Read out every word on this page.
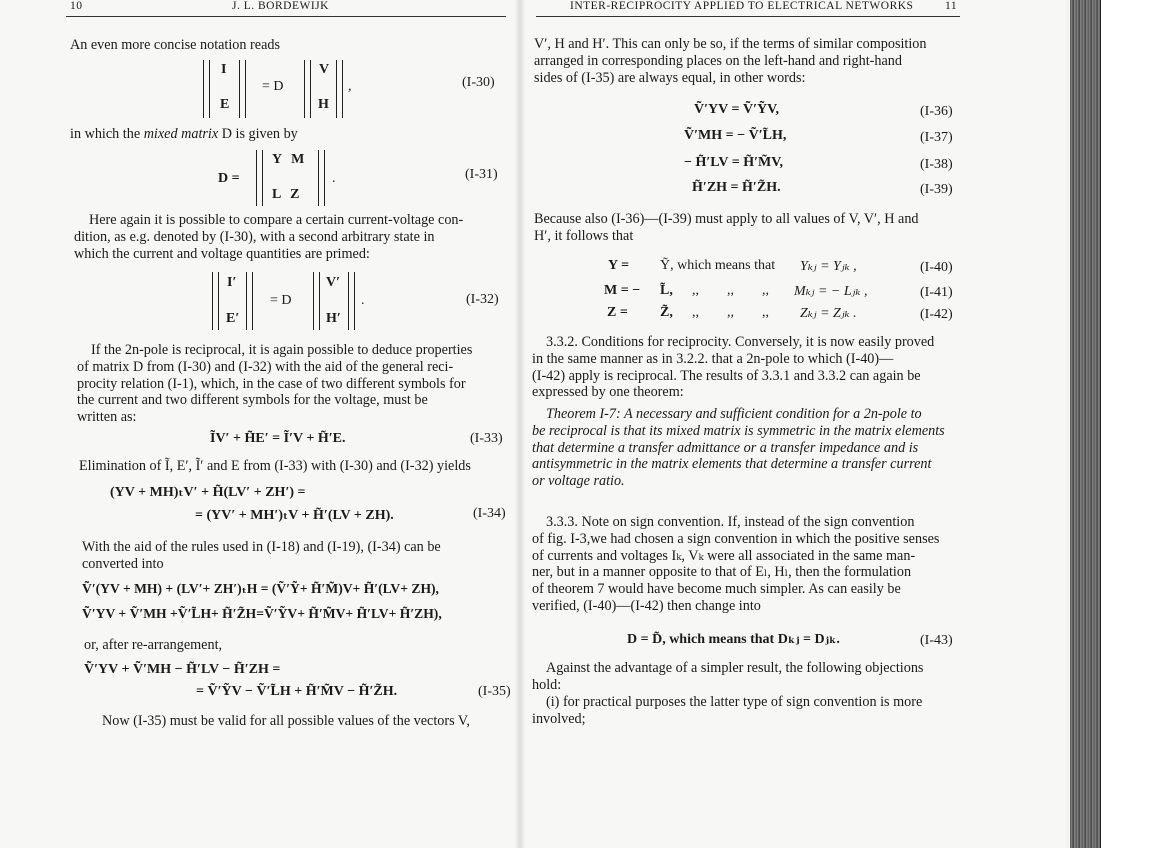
10	J. L. BORDEWIJK
An even more concise notation reads
I
E
= D
V
H
,	(I-30)
in which the mixed matrix D is given by
D =
Y M
L Z
.	(I-31)
Here again it is possible to compare a certain current-voltage con-
dition, as e.g. denoted by (I-30), with a second arbitrary state in
which the current and voltage quantities are primed:
I′
E′
= D
V′
H′
.	(I-32)
If the 2n-pole is reciprocal, it is again possible to deduce properties
of matrix D from (I-30) and (I-32) with the aid of the general reci-
procity relation (I-1), which, in the case of two different symbols for
the current and two different symbols for the voltage, must be
written as:
ĨV′ + H̃E′ = Ĩ′V + H̃′E.	(I-33)
Elimination of Ĩ, E′, Ĩ′ and E from (I-33) with (I-30) and (I-32) yields
(YV + MH)ₜV′ + H̃(LV′ + ZH′) =
= (YV′ + MH′)ₜV + H̃′(LV + ZH).	(I-34)
With the aid of the rules used in (I-18) and (I-19), (I-34) can be
converted into
Ṽ′(YV + MH) + (LV′+ ZH′)ₜH = (Ṽ′Ỹ+ H̃′M̃)V+ H̃′(LV+ ZH),
Ṽ′YV + Ṽ′MH +Ṽ′L̃H+ H̃′Z̃H=Ṽ′ỸV+ H̃′M̃V+ H̃′LV+ H̃′ZH),
or, after re-arrangement,
Ṽ′YV + Ṽ′MH − H̃′LV − H̃′ZH =
= Ṽ′ỸV − Ṽ′L̃H + H̃′M̃V − H̃′Z̃H.	(I-35)
Now (I-35) must be valid for all possible values of the vectors V,
INTER-RECIPROCITY APPLIED TO ELECTRICAL NETWORKS	11
V′, H and H′. This can only be so, if the terms of similar composition
arranged in corresponding places on the left-hand and right-hand
sides of (I-35) are always equal, in other words:
Ṽ′YV = Ṽ′ỸV,	(I-36)
Ṽ′MH = − Ṽ′L̃H,	(I-37)
− H̃′LV = H̃′M̃V,	(I-38)
H̃′ZH = H̃′Z̃H.	(I-39)
Because also (I-36)—(I-39) must apply to all values of V, V′, H and
H′, it follows that
Y = Ỹ, which means that Yₖⱼ = Yⱼₖ ,	(I-40)
M = − L̃, ,,        ,,        ,, Mₖⱼ = − Lⱼₖ ,	(I-41)
Z = Z̃, ,,        ,,        ,, Zₖⱼ = Zⱼₖ .	(I-42)
3.3.2. Conditions for reciprocity. Conversely, it is now easily proved
in the same manner as in 3.2.2. that a 2n-pole to which (I-40)—
(I-42) apply is reciprocal. The results of 3.3.1 and 3.3.2 can again be
expressed by one theorem:
Theorem I-7: A necessary and sufficient condition for a 2n-pole to
be reciprocal is that its mixed matrix is symmetric in the matrix elements
that determine a transfer admittance or a transfer impedance and is
antisymmetric in the matrix elements that determine a transfer current
or voltage ratio.
3.3.3. Note on sign convention. If, instead of the sign convention
of fig. I-3,we had chosen a sign convention in which the positive senses
of currents and voltages Iₖ, Vₖ were all associated in the same man-
ner, but in a manner opposite to that of Eₗ, Hₗ, then the formulation
of theorem 7 would have become much simpler. As can easily be
verified, (I-40)—(I-42) then change into
D = D̃, which means that Dₖⱼ = Dⱼₖ.	(I-43)
Against the advantage of a simpler result, the following objections
hold:
(i) for practical purposes the latter type of sign convention is more
involved;
